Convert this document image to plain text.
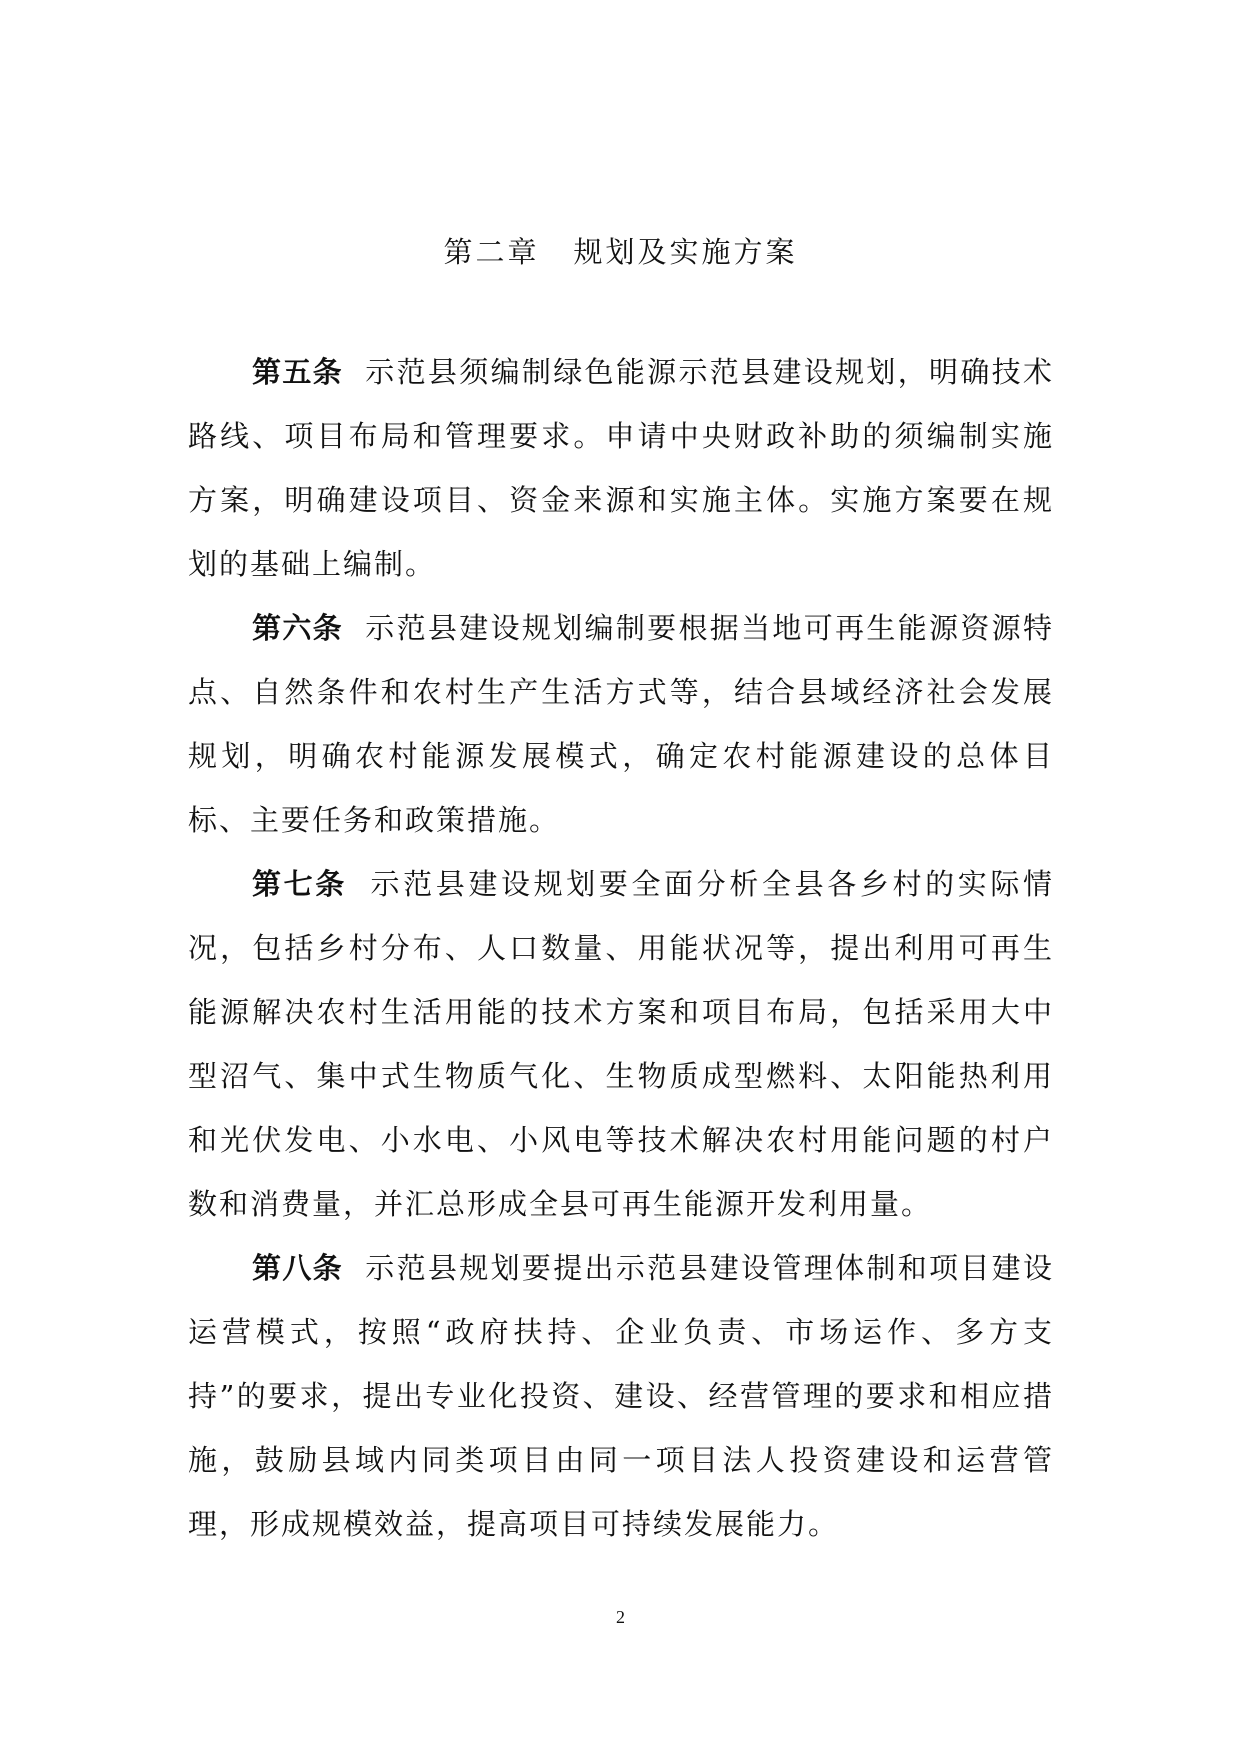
第二章 规划及实施方案

第五条 示范县须编制绿色能源示范县建设规划，明确技术路线、项目布局和管理要求。申请中央财政补助的须编制实施方案，明确建设项目、资金来源和实施主体。实施方案要在规划的基础上编制。

第六条 示范县建设规划编制要根据当地可再生能源资源特点、自然条件和农村生产生活方式等，结合县域经济社会发展规划，明确农村能源发展模式，确定农村能源建设的总体目标、主要任务和政策措施。

第七条 示范县建设规划要全面分析全县各乡村的实际情况，包括乡村分布、人口数量、用能状况等，提出利用可再生能源解决农村生活用能的技术方案和项目布局，包括采用大中型沼气、集中式生物质气化、生物质成型燃料、太阳能热利用和光伏发电、小水电、小风电等技术解决农村用能问题的村户数和消费量，并汇总形成全县可再生能源开发利用量。

第八条 示范县规划要提出示范县建设管理体制和项目建设运营模式，按照“政府扶持、企业负责、市场运作、多方支持”的要求，提出专业化投资、建设、经营管理的要求和相应措施，鼓励县域内同类项目由同一项目法人投资建设和运营管理，形成规模效益，提高项目可持续发展能力。

2
